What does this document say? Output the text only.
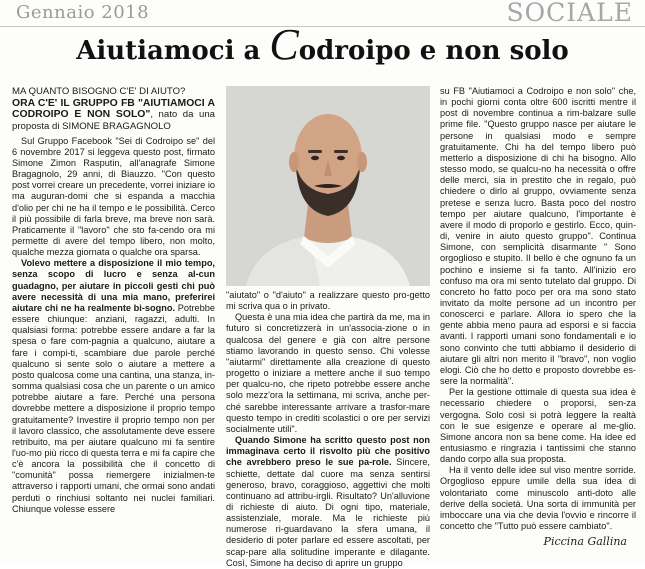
Gennaio 2018	SOCIALE
Aiutiamoci a Codroipo e non solo
MA QUANTO BISOGNO C'E' DI AIUTO?
ORA C'E' IL GRUPPO FB "AIUTIAMOCI A CODROIPO E NON SOLO", nato da una proposta di SIMONE BRAGAGNOLO

Sul Gruppo Facebook "Sei di Codroipo se" del 6 novembre 2017 si leggeva questo post, firmato Simone Zimon Rasputin, all'anagrafe Simone Bragagnolo, 29 anni, di Biauzzo. "Con questo post vorrei creare un precedente, vorrei iniziare io ma auguran-domi che si espanda a macchia d'olio per chi ne ha il tempo e le possibilità. Cerco il più possibile di farla breve, ma breve non sarà. Praticamente il "lavoro" che sto fa-cendo ora mi permette di avere del tempo libero, non molto, qualche mezza giornata o qualche ora sparsa.

Volevo mettere a disposizione il mio tempo, senza scopo di lucro e senza al-cun guadagno, per aiutare in piccoli gesti chi può avere necessità di una mia mano, preferirei aiutare chi ne ha realmente bi-sogno. Potrebbe essere chiunque: anziani, ragazzi, adulti. In qualsiasi forma: potrebbe essere andare a far la spesa o fare com-pagnia a qualcuno, aiutare a fare i compi-ti, scambiare due parole perché qualcuno si sente solo o aiutare a mettere a posto qualcosa come una cantina, una stanza, in-somma qualsiasi cosa che un parente o un amico potrebbe aiutare a fare. Perché una persona dovrebbe mettere a disposizione il proprio tempo gratuitamente? Investire il proprio tempo non per il lavoro classico, che assolutamente deve essere retribuito, ma per aiutare qualcuno mi fa sentire l'uo-mo più ricco di questa terra e mi fa capire che c'è ancora la possibilità che il concetto di "comunità" possa riemergere inizialmen-te attraverso i rapporti umani, che ormai sono andati perduti o rinchiusi soltanto nei nuclei familiari. Chiunque volesse essere

"aiutato" o "d'aiuto" a realizzare questo pro-getto mi scriva qua o in privato.

Questa è una mia idea che partirà da me, ma in futuro si concretizzerà in un'associa-zione o in qualcosa del genere e già con altre persone stiamo lavorando in questo senso. Chi volesse "aiutarmi" direttamente alla creazione di questo progetto o iniziare a mettere anche il suo tempo per qualcu-no, che ripeto potrebbe essere anche solo mezz'ora la settimana, mi scriva, anche per-ché sarebbe interessante arrivare a trasfor-mare questo tempo in crediti scolastici o ore per servizi socialmente utili".

Quando Simone ha scritto questo post non immaginava certo il risvolto più che positivo che avrebbero preso le sue pa-role. Sincere, schiette, dettate dal cuore ma senza sentirsi generoso, bravo, coraggioso, aggettivi che molti continuano ad attribu-irgli. Risultato? Un'alluvione di richieste di aiuto. Di ogni tipo, materiale, assistenziale, morale. Ma le richieste più numerose ri-guardavano la sfera umana, il desiderio di poter parlare ed essere ascoltati, per scap-pare alla solitudine imperante e dilagante. Così, Simone ha deciso di aprire un gruppo

su FB "Aiutiamoci a Codroipo e non solo" che, in pochi giorni conta oltre 600 iscritti mentre il post di novembre continua a rim-balzare sulle prime file. "Questo gruppo nasce per aiutare le persone in qualsiasi modo e sempre gratuitamente. Chi ha del tempo libero può metterlo a disposizione di chi ha bisogno. Allo stesso modo, se qualcu-no ha necessità o offre delle merci, sia in prestito che in regalo, può chiedere o dirlo al gruppo, ovviamente senza pretese e senza lucro. Basta poco del nostro tempo per aiutare qualcuno, l'importante è avere il modo di proporlo e gestirlo. Ecco, quin-di, venire in aiuto questo gruppo". Continua Simone, con semplicità disarmante " Sono orgoglioso e stupito. Il bello è che ognuno fa un pochino e insieme si fa tanto. All'inizio ero confuso ma ora mi sento tutelato dal gruppo. Di concreto ho fatto poco per ora ma sono stato invitato da molte persone ad un incontro per conoscerci e parlare. Allora io spero che la gente abbia meno paura ad esporsi e si faccia avanti. I rapporti umani sono fondamentali e io sono convinto che tutti abbiamo il desiderio di aiutare gli altri non merito il "bravo", non voglio elogi. Ciò che ho detto e proposto dovrebbe es-sere la normalità".

Per la gestione ottimale di questa sua idea è necessario chiedere o proporsi, sen-za vergogna. Solo così si potrà leggere la realtà con le sue esigenze e operare al me-glio. Simone ancora non sa bene come. Ha idee ed entusiasmo e ringrazia i tantissimi che stanno dando corpo alla sua proposta.

Ha il vento delle idee sul viso mentre sorride. Orgoglioso eppure umile della sua idea di volontariato come minuscolo anti-doto alle derive della società. Una sorta di immunità per imboccare una via che devia l'ovvio e rincorre il concetto che "Tutto può essere cambiato".

Piccina Gallina
